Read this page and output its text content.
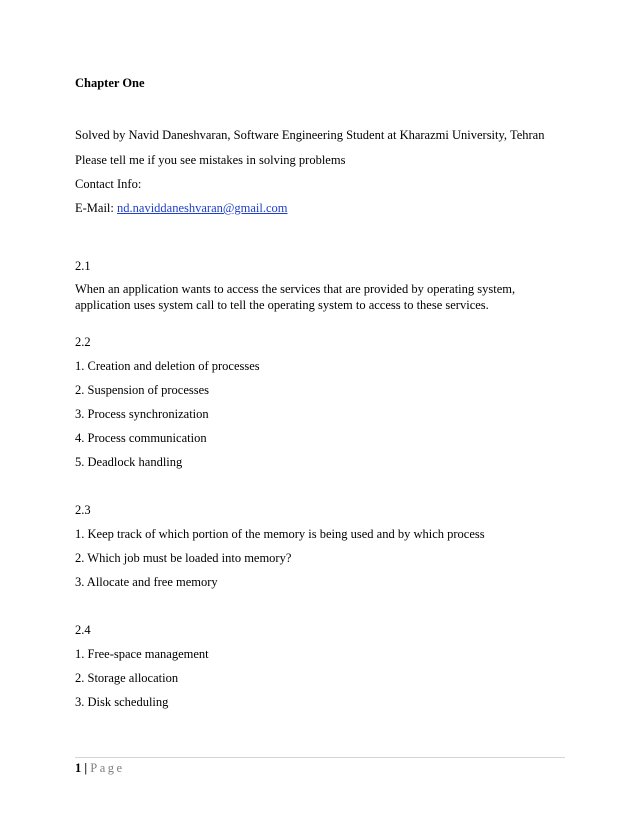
Chapter One
Solved by Navid Daneshvaran, Software Engineering Student at Kharazmi University, Tehran
Please tell me if you see mistakes in solving problems
Contact Info:
E-Mail: nd.naviddaneshvaran@gmail.com
2.1
When an application wants to access the services that are provided by operating system,
application uses system call to tell the operating system to access to these services.
2.2
1. Creation and deletion of processes
2. Suspension of processes
3. Process synchronization
4. Process communication
5. Deadlock handling
2.3
1. Keep track of which portion of the memory is being used and by which process
2. Which job must be loaded into memory?
3. Allocate and free memory
2.4
1. Free-space management
2. Storage allocation
3. Disk scheduling
1 | Page
